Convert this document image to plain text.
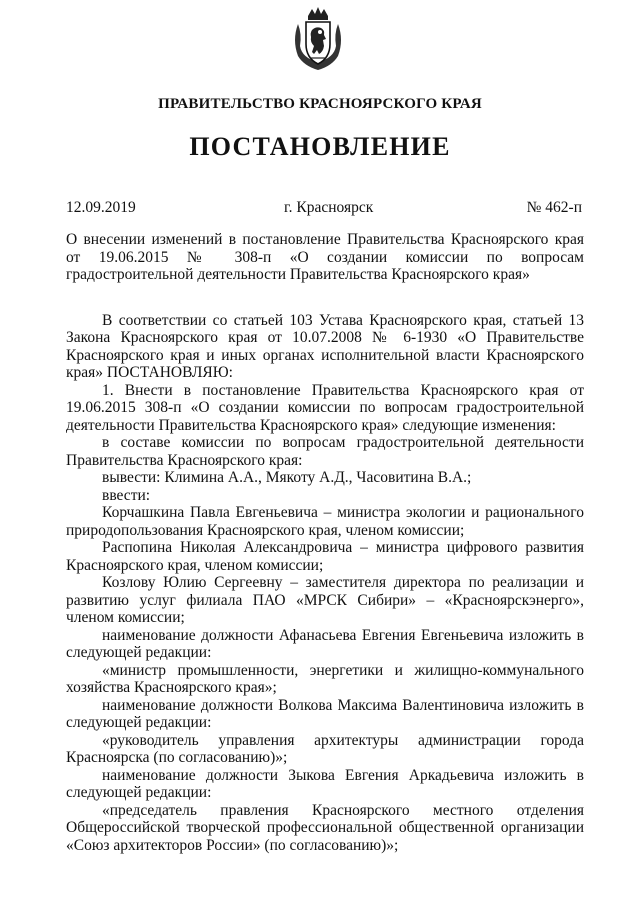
ПРАВИТЕЛЬСТВО КРАСНОЯРСКОГО КРАЯ
ПОСТАНОВЛЕНИЕ
12.09.2019	г. Красноярск	№ 462-п
О внесении изменений в постановление Правительства Красноярского края от 19.06.2015 № 308-п «О создании комиссии по вопросам градостроительной деятельности Правительства Красноярского края»

В соответствии со статьей 103 Устава Красноярского края, статьей 13 Закона Красноярского края от 10.07.2008 № 6-1930 «О Правительстве Красноярского края и иных органах исполнительной власти Красноярского края» ПОСТАНОВЛЯЮ:

1. Внести в постановление Правительства Красноярского края от 19.06.2015 308-п «О создании комиссии по вопросам градостроительной деятельности Правительства Красноярского края» следующие изменения:

в составе комиссии по вопросам градостроительной деятельности Правительства Красноярского края:

вывести: Климина А.А., Мякоту А.Д., Часовитина В.А.;

ввести:

Корчашкина Павла Евгеньевича – министра экологии и рационального природопользования Красноярского края, членом комиссии;

Распопина Николая Александровича – министра цифрового развития Красноярского края, членом комиссии;

Козлову Юлию Сергеевну – заместителя директора по реализации и развитию услуг филиала ПАО «МРСК Сибири» – «Красноярскэнерго», членом комиссии;

наименование должности Афанасьева Евгения Евгеньевича изложить в следующей редакции:

«министр промышленности, энергетики и жилищно-коммунального хозяйства Красноярского края»;

наименование должности Волкова Максима Валентиновича изложить в следующей редакции:

«руководитель управления архитектуры администрации города Красноярска (по согласованию)»;

наименование должности Зыкова Евгения Аркадьевича изложить в следующей редакции:

«председатель правления Красноярского местного отделения Общероссийской творческой профессиональной общественной организации «Союз архитекторов России» (по согласованию)»;
